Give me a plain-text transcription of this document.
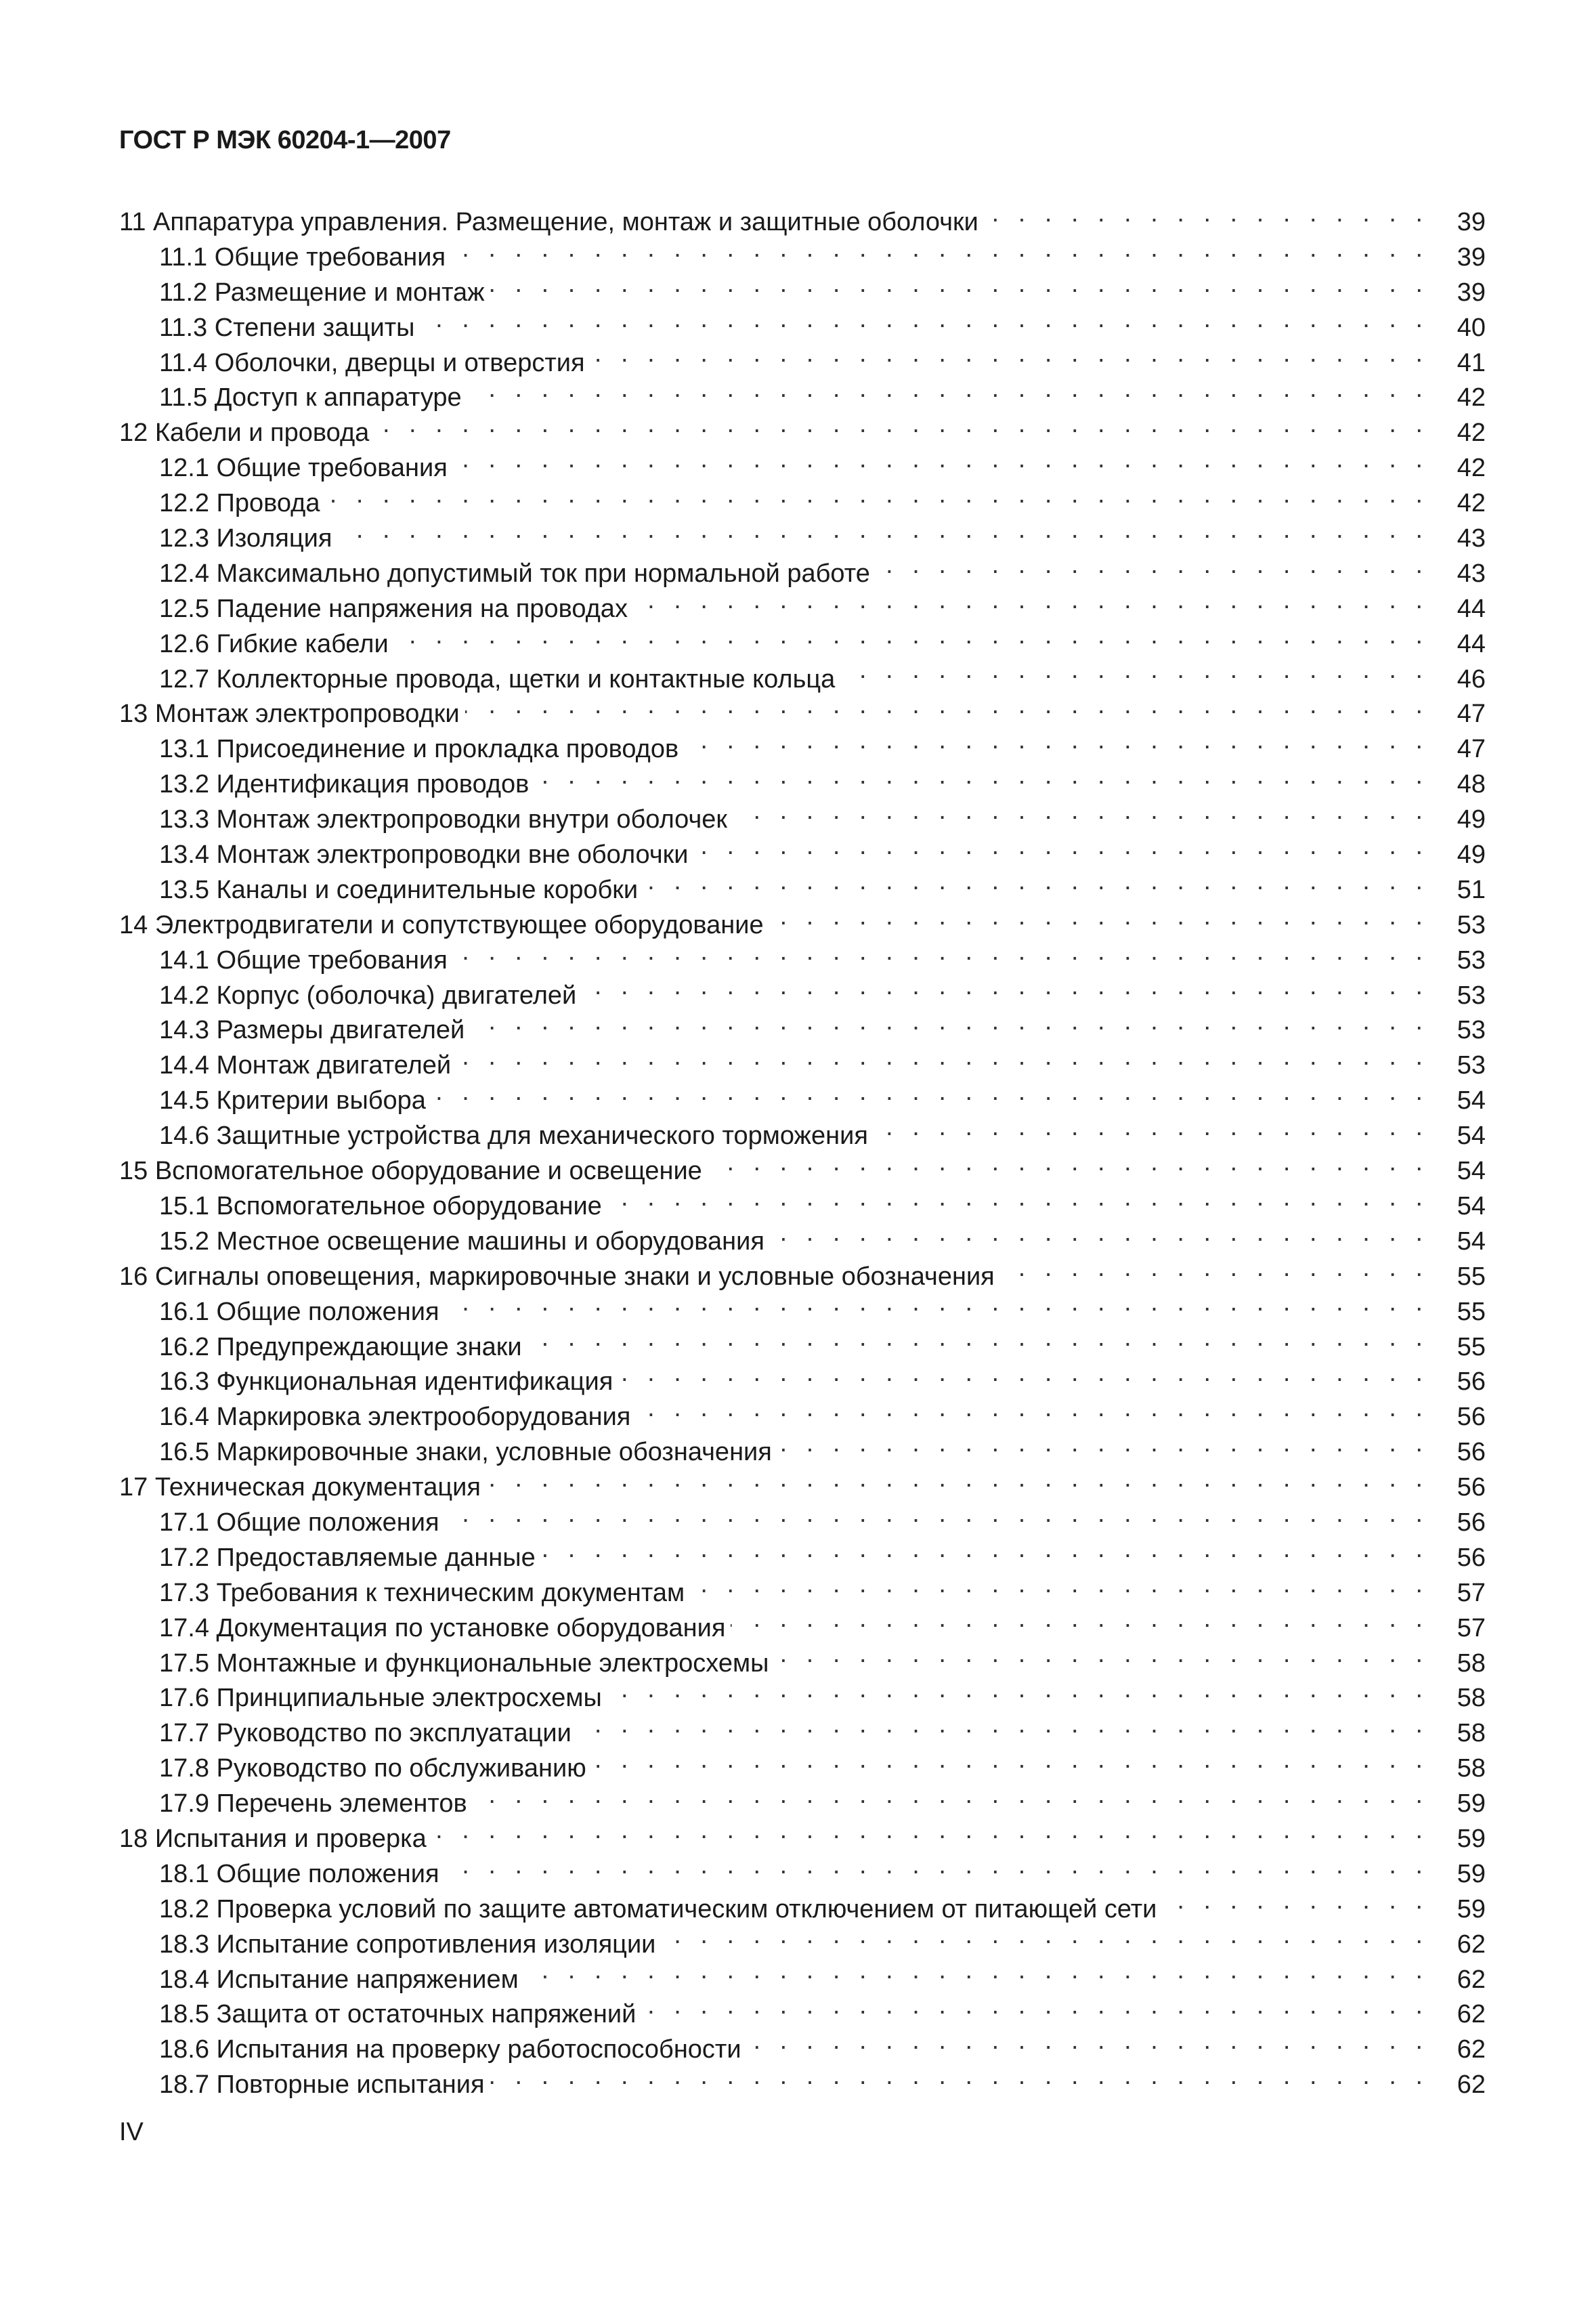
ГОСТ Р МЭК 60204-1—2007
11 Аппаратура управления. Размещение, монтаж и защитные оболочки . . .	39
11.1 Общие требования . . .	39
11.2 Размещение и монтаж . . .	39
11.3 Степени защиты . . .	40
11.4 Оболочки, дверцы и отверстия . . .	41
11.5 Доступ к аппаратуре . . .	42
12 Кабели и провода . . .	42
12.1 Общие требования . . .	42
12.2 Провода . . .	42
12.3 Изоляция . . .	43
12.4 Максимально допустимый ток при нормальной работе . . .	43
12.5 Падение напряжения на проводах . . .	44
12.6 Гибкие кабели . . .	44
12.7 Коллекторные провода, щетки и контактные кольца . . .	46
13 Монтаж электропроводки . . .	47
13.1 Присоединение и прокладка проводов . . .	47
13.2 Идентификация проводов . . .	48
13.3 Монтаж электропроводки внутри оболочек . . .	49
13.4 Монтаж электропроводки вне оболочки . . .	49
13.5 Каналы и соединительные коробки . . .	51
14 Электродвигатели и сопутствующее оборудование . . .	53
14.1 Общие требования . . .	53
14.2 Корпус (оболочка) двигателей . . .	53
14.3 Размеры двигателей . . .	53
14.4 Монтаж двигателей . . .	53
14.5 Критерии выбора . . .	54
14.6 Защитные устройства для механического торможения . . .	54
15 Вспомогательное оборудование и освещение . . .	54
15.1 Вспомогательное оборудование . . .	54
15.2 Местное освещение машины и оборудования . . .	54
16 Сигналы оповещения, маркировочные знаки и условные обозначения . . .	55
16.1 Общие положения . . .	55
16.2 Предупреждающие знаки . . .	55
16.3 Функциональная идентификация . . .	56
16.4 Маркировка электрооборудования . . .	56
16.5 Маркировочные знаки, условные обозначения . . .	56
17 Техническая документация . . .	56
17.1 Общие положения . . .	56
17.2 Предоставляемые данные . . .	56
17.3 Требования к техническим документам . . .	57
17.4 Документация по установке оборудования . . .	57
17.5 Монтажные и функциональные электросхемы . . .	58
17.6 Принципиальные электросхемы . . .	58
17.7 Руководство по эксплуатации . . .	58
17.8 Руководство по обслуживанию . . .	58
17.9 Перечень элементов . . .	59
18 Испытания и проверка . . .	59
18.1 Общие положения . . .	59
18.2 Проверка условий по защите автоматическим отключением от питающей сети . . .	59
18.3 Испытание сопротивления изоляции . . .	62
18.4 Испытание напряжением . . .	62
18.5 Защита от остаточных напряжений . . .	62
18.6 Испытания на проверку работоспособности . . .	62
18.7 Повторные испытания . . .	62

IV
